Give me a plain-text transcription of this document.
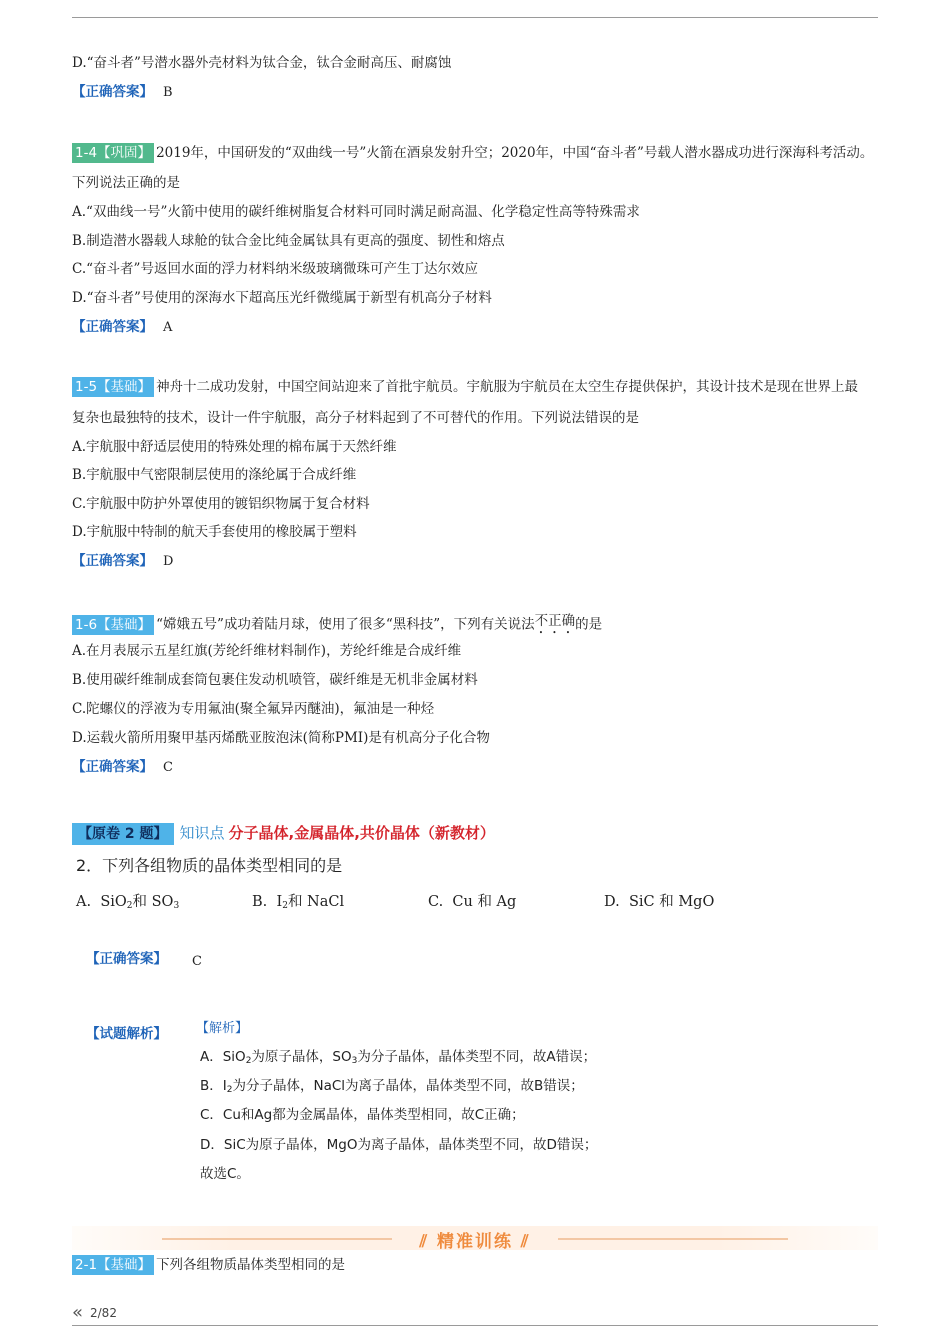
D.“奋斗者”号潜水器外壳材料为钛合金，钛合金耐高压、耐腐蚀
【正确答案】 B
1-4【巩固】 2019年，中国研发的“双曲线一号”火箭在酒泉发射升空；2020年，中国“奋斗者”号载人潜水器成功进行深海科考活动。
下列说法正确的是
A.“双曲线一号”火箭中使用的碳纤维树脂复合材料可同时满足耐高温、化学稳定性高等特殊需求
B.制造潜水器载人球舱的钛合金比纯金属钛具有更高的强度、韧性和熔点
C.“奋斗者”号返回水面的浮力材料纳米级玻璃微珠可产生丁达尔效应
D.“奋斗者”号使用的深海水下超高压光纤微缆属于新型有机高分子材料
【正确答案】 A
1-5【基础】 神舟十二成功发射，中国空间站迎来了首批宇航员。宇航服为宇航员在太空生存提供保护，其设计技术是现在世界上最
复杂也最独特的技术，设计一件宇航服，高分子材料起到了不可替代的作用。下列说法错误的是
A.宇航服中舒适层使用的特殊处理的棉布属于天然纤维
B.宇航服中气密限制层使用的涤纶属于合成纤维
C.宇航服中防护外罩使用的镀铝织物属于复合材料
D.宇航服中特制的航天手套使用的橡胶属于塑料
【正确答案】 D
1-6【基础】 “嫦娥五号”成功着陆月球，使用了很多“黑科技”，下列有关说法不正确的是
A.在月表展示五星红旗(芳纶纤维材料制作)，芳纶纤维是合成纤维
B.使用碳纤维制成套筒包裹住发动机喷管，碳纤维是无机非金属材料
C.陀螺仪的浮液为专用氟油(聚全氟异丙醚油)，氟油是一种烃
D.运载火箭所用聚甲基丙烯酰亚胺泡沫(简称PMI)是有机高分子化合物
【正确答案】 C
【原卷 2 题】 知识点 分子晶体,金属晶体,共价晶体（新教材）
2．下列各组物质的晶体类型相同的是
A. SiO$_2$和 $SO_3$	B. $I_2$和 NaCl	C. Cu 和 Ag	D. SiC 和 MgO
【正确答案】 C
【试题解析】 【解析】
A．SiO$_2$为原子晶体，$SO_3$为分子晶体，晶体类型不同，故A错误；
B．$I_2$为分子晶体，NaCl为离子晶体，晶体类型不同，故B错误；
C．Cu和Ag都为金属晶体，晶体类型相同，故C正确；
D．SiC为原子晶体，MgO为离子晶体，晶体类型不同，故D错误；
故选C。
⫽ 精准训练 ⫽
2-1【基础】 下列各组物质晶体类型相同的是
« 2/82
